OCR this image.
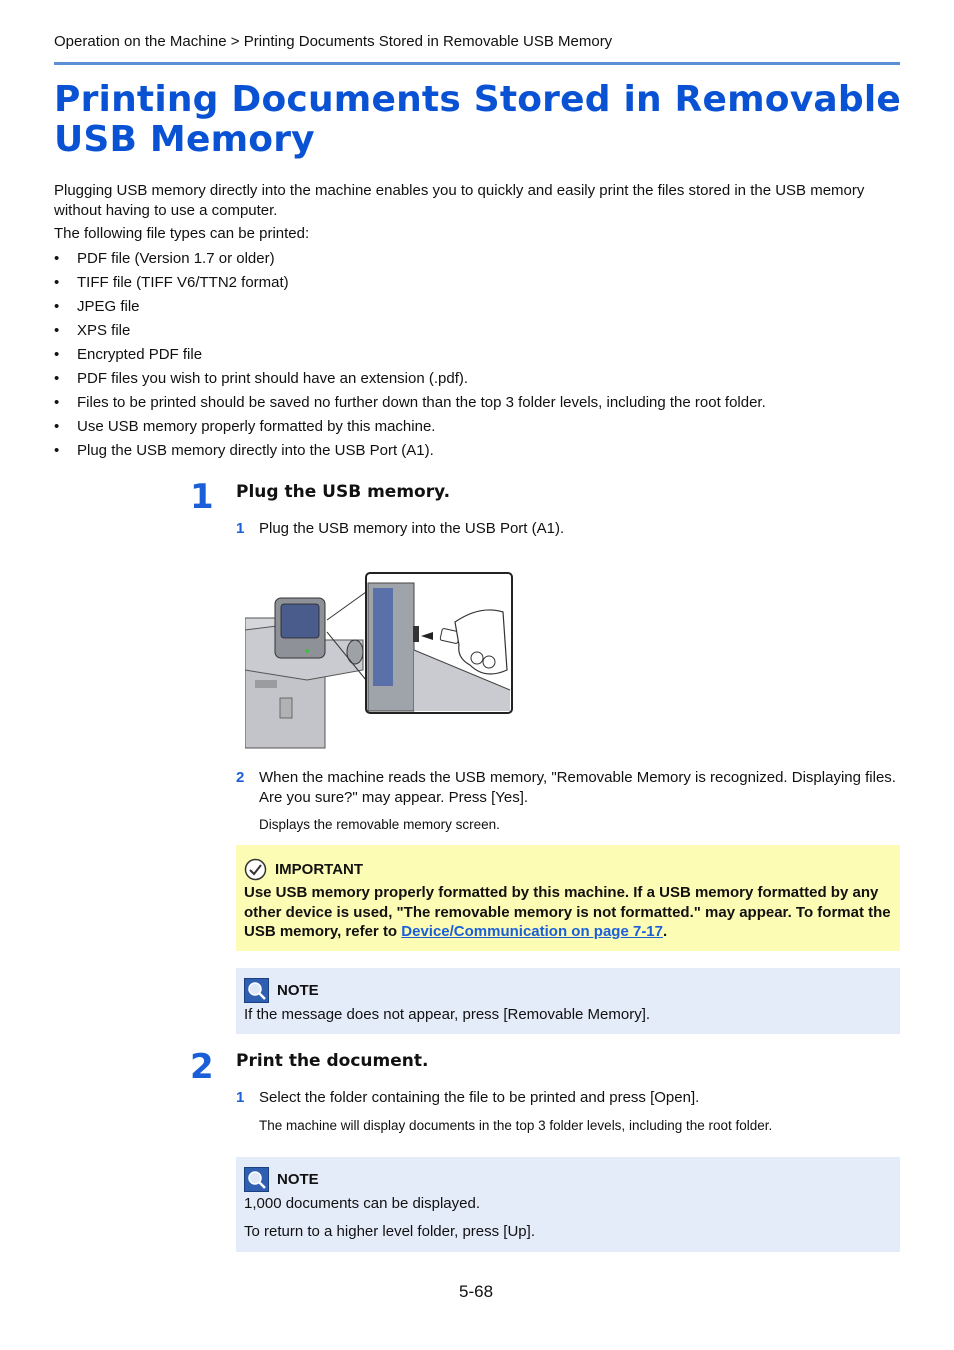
Operation on the Machine > Printing Documents Stored in Removable USB Memory
Printing Documents Stored in Removable
USB Memory

Plugging USB memory directly into the machine enables you to quickly and easily print the files stored in the USB memory without having to use a computer.

The following file types can be printed:

• PDF file (Version 1.7 or older)
• TIFF file (TIFF V6/TTN2 format)
• JPEG file
• XPS file
• Encrypted PDF file
• PDF files you wish to print should have an extension (.pdf).
• Files to be printed should be saved no further down than the top 3 folder levels, including the root folder.
• Use USB memory properly formatted by this machine.
• Plug the USB memory directly into the USB Port (A1).
1 Plug the USB memory.
1 Plug the USB memory into the USB Port (A1).
2 When the machine reads the USB memory, "Removable Memory is recognized. Displaying files. Are you sure?" may appear. Press [Yes].
Displays the removable memory screen.
IMPORTANT
Use USB memory properly formatted by this machine. If a USB memory formatted by any other device is used, "The removable memory is not formatted." may appear. To format the USB memory, refer to Device/Communication on page 7-17.
NOTE
If the message does not appear, press [Removable Memory].
2 Print the document.
1 Select the folder containing the file to be printed and press [Open].
The machine will display documents in the top 3 folder levels, including the root folder.
NOTE
1,000 documents can be displayed.
To return to a higher level folder, press [Up].
5-68
